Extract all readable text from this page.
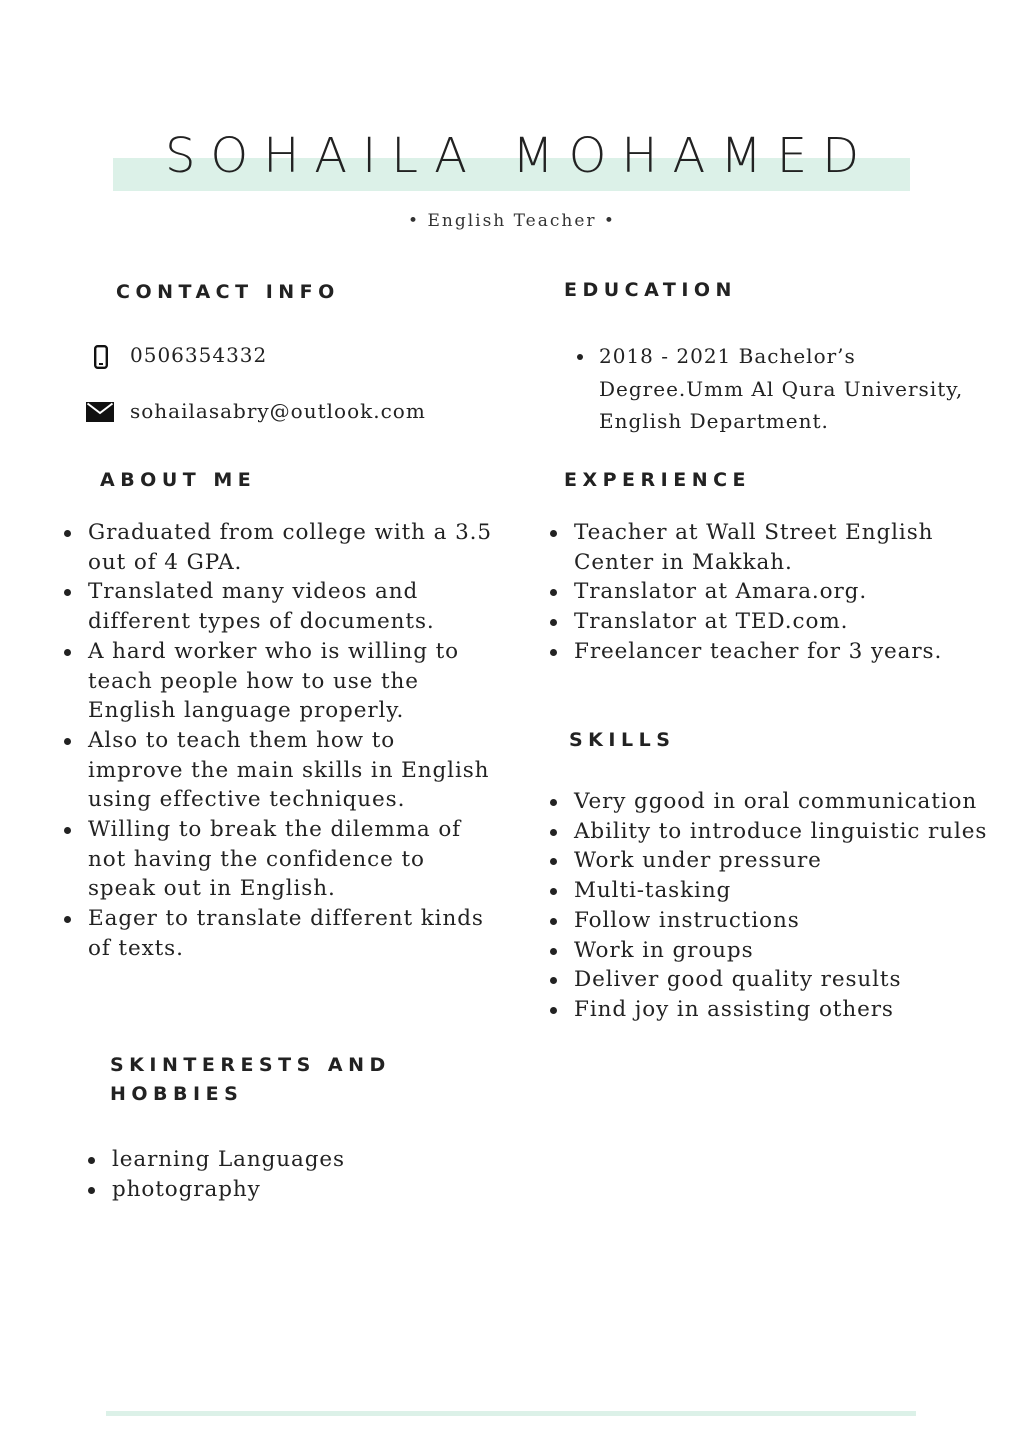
SOHAILA MOHAMED
• English Teacher •
CONTACT INFO
0506354332
sohailasabry@outlook.com
EDUCATION
2018 - 2021 Bachelor’s
Degree.Umm Al Qura University,
English Department.
ABOUT ME
Graduated from college with a 3.5
out of 4 GPA.
Translated many videos and
different types of documents.
A hard worker who is willing to
teach people how to use the
English language properly.
Also to teach them how to
improve the main skills in English
using effective techniques.
Willing to break the dilemma of
not having the confidence to
speak out in English.
Eager to translate different kinds
of texts.
EXPERIENCE
Teacher at Wall Street English
Center in Makkah.
Translator at Amara.org.
Translator at TED.com.
Freelancer teacher for 3 years.
SKILLS
Very ggood in oral communication
Ability to introduce linguistic rules
Work under pressure
Multi-tasking
Follow instructions
Work in groups
Deliver good quality results
Find joy in assisting others
SKINTERESTS AND
HOBBIES
learning Languages
photography
